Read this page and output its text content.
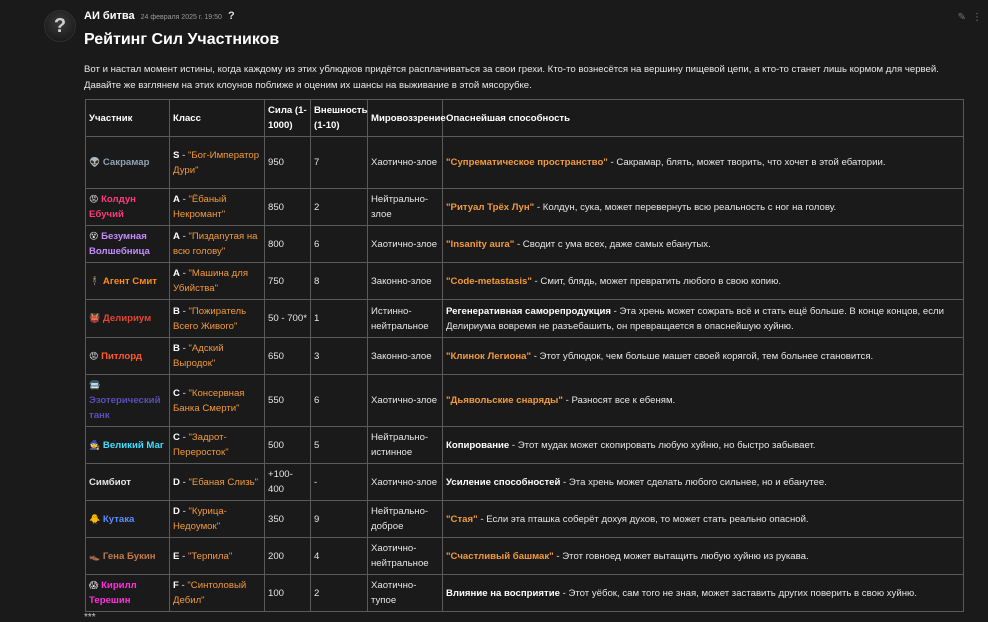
?	АИ битва 24 февраля 2025 г. 19:50 ?	✎ ⋮
Рейтинг Сил Участников
Вот и настал момент истины, когда каждому из этих ублюдков придётся расплачиваться за свои грехи. Кто-то вознесётся на вершину пищевой цепи, а кто-то станет лишь кормом для червей. Давайте же взглянем на этих клоунов поближе и оценим их шансы на выживание в этой мясорубке.
Участник	Класс	Сила (1-1000)	Внешность (1-10)	Мировоззрение	Опаснейшая способность
👽 Сакрамар	S - "Бог-Император Дури"	950	7	Хаотично-злое	"Супрематическое пространство" - Сакрамар, блять, может творить, что хочет в этой ебатории.
😡 Колдун Ебучий	A - "Ёбаный Некромант"	850	2	Нейтрально-злое	"Ритуал Трёх Лун" - Колдун, сука, может перевернуть всю реальность с ног на голову.
😵 Безумная Волшебница	A - "Пиздanутая на всю голову"	800	6	Хаотично-злое	"Insanity aura" - Сводит с ума всех, даже самых ебанутых.
🕴 Агент Смит	A - "Машина для Убийства"	750	8	Законно-злое	"Code-metastasis" - Смит, блядь, может превратить любого в свою копию.
👹 Делириум	B - "Пожиратель Всего Живого"	50 - 700*	1	Истинно-нейтральное	Регенеративная саморепродукция - Эта хрень может сожрать всё и стать ещё больше. В конце концов, если Делириума вовремя не разъебашить, он превращается в опаснейшую хуйню.
😡 Питлорд	B - "Адский Выродок"	650	3	Законно-злое	"Клинок Легиона" - Этот ублюдок, чем больше машет своей корягой, тем больнее становится.
🚍 Эзотерический танк	C - "Консервная Банка Смерти"	550	6	Хаотично-злое	"Дьявольские снаряды" - Разносят все к ебеням.
🧙 Великий Маг	C - "Задрот-Переросток"	500	5	Нейтрально-истинное	Копирование - Этот мудак может скопировать любую хуйню, но быстро забывает.
Симбиот	D - "Ебаная Слизь"	+100-400	-	Хаотично-злое	Усиление способностей - Эта хрень может сделать любого сильнее, но и ебанутее.
🐥 Кутака	D - "Курица-Недоумок"	350	9	Нейтрально-доброе	"Стая" - Если эта пташка соберёт дохуя духов, то может стать реально опасной.
👞 Гена Букин	E - "Терпила"	200	4	Хаотично-нейтральное	"Счастливый башмак" - Этот говноед может вытащить любую хуйню из рукава.
😱 Кирилл Терешин	F - "Синтоловый Дебил"	100	2	Хаотично-тупое	Влияние на восприятие - Этот уёбок, сам того не зная, может заставить других поверить в свою хуйню.
***
